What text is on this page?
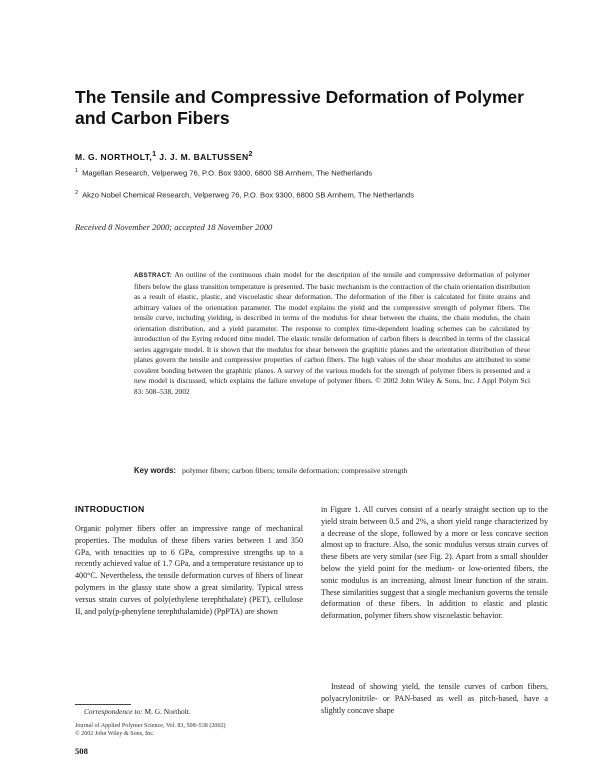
The Tensile and Compressive Deformation of Polymer and Carbon Fibers
M. G. NORTHOLT,$^1$ J. J. M. BALTUSSEN$^2$
$^1$ Magellan Research, Velperweg 76, P.O. Box 9300, 6800 SB Arnhem, The Netherlands
$^2$ Akzo Nobel Chemical Research, Velperweg 76, P.O. Box 9300, 6800 SB Arnhem, The Netherlands
Received 8 November 2000; accepted 18 November 2000
ABSTRACT: An outline of the continuous chain model for the description of the tensile and compressive deformation of polymer fibers below the glass transition temperature is presented. The basic mechanism is the contraction of the chain orientation distribution as a result of elastic, plastic, and viscoelastic shear deformation. The deformation of the fiber is calculated for finite strains and arbitrary values of the orientation parameter. The model explains the yield and the compressive strength of polymer fibers. The tensile curve, including yielding, is described in terms of the modulus for shear between the chains, the chain modulus, the chain orientation distribution, and a yield parameter. The response to complex time-dependent loading schemes can be calculated by introduction of the Eyring reduced time model. The elastic tensile deformation of carbon fibers is described in terms of the classical series aggregate model. It is shown that the modulus for shear between the graphitic planes and the orientation distribution of these planes govern the tensile and compressive properties of carbon fibers. The high values of the shear modulus are attributed to some covalent bonding between the graphitic planes. A survey of the various models for the strength of polymer fibers is presented and a new model is discussed, which explains the failure envelope of polymer fibers. © 2002 John Wiley & Sons, Inc. J Appl Polym Sci 83: 508–538, 2002
Key words: polymer fibers; carbon fibers; tensile deformation; compressive strength
INTRODUCTION

Organic polymer fibers offer an impressive range of mechanical properties. The modulus of these fibers varies between 1 and 350 GPa, with tenacities up to 6 GPa, compressive strengths up to a recently achieved value of 1.7 GPa, and a temperature resistance up to 400°C. Nevertheless, the tensile deformation curves of fibers of linear polymers in the glassy state show a great similarity. Typical stress versus strain curves of poly(ethylene terephthalate) (PET), cellulose II, and poly(p-phenylene terephthalamide) (PpPTA) are shown

in Figure 1. All curves consist of a nearly straight section up to the yield strain between 0.5 and 2%, a short yield range characterized by a decrease of the slope, followed by a more or less concave section almost up to fracture. Also, the sonic modulus versus strain curves of these fibers are very similar (see Fig. 2). Apart from a small shoulder below the yield point for the medium- or low-oriented fibers, the sonic modulus is an increasing, almost linear function of the strain. These similarities suggest that a single mechanism governs the tensile deformation of these fibers. In addition to elastic and plastic deformation, polymer fibers show viscoelastic behavior.

Instead of showing yield, the tensile curves of carbon fibers, polyacrylonitrile- or PAN-based as well as pitch-based, have a slightly concave shape

Correspondence to: M. G. Northolt.
Journal of Applied Polymer Science, Vol. 83, 508–538 (2002)
© 2002 John Wiley & Sons, Inc.
508
